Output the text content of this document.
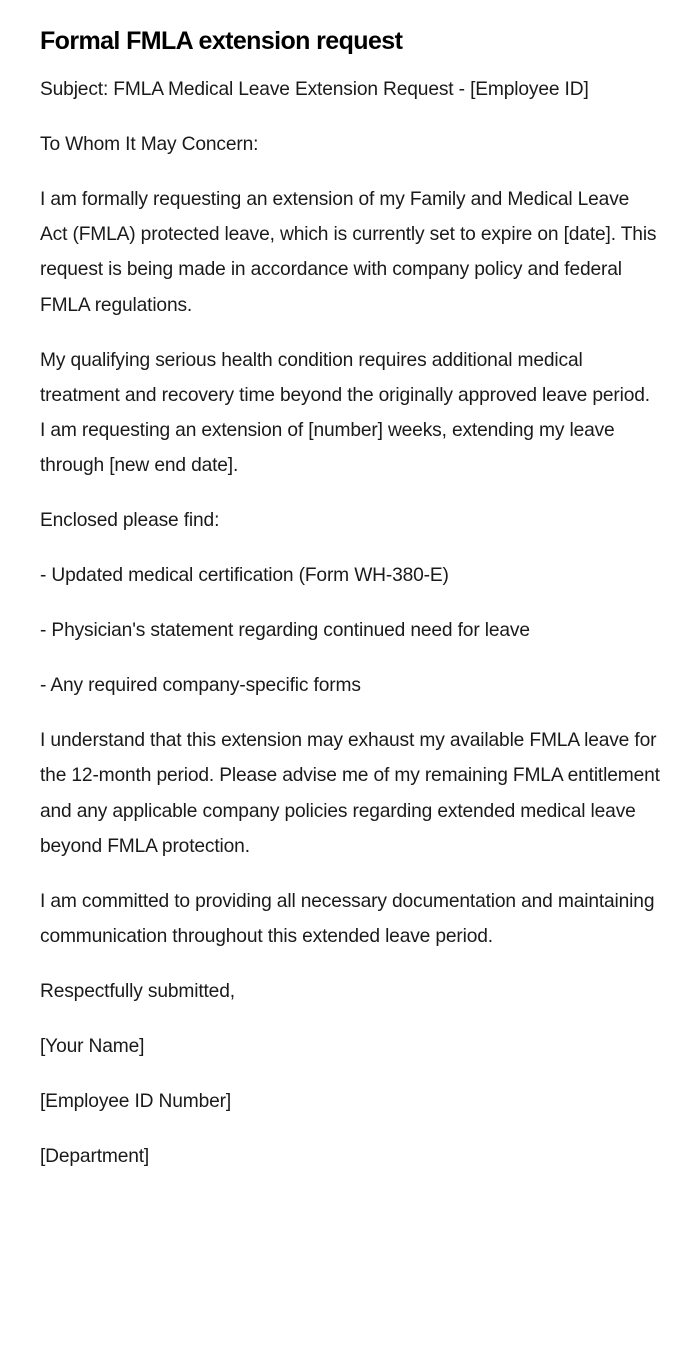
Formal FMLA extension request

Subject: FMLA Medical Leave Extension Request - [Employee ID]

To Whom It May Concern:

I am formally requesting an extension of my Family and Medical Leave Act (FMLA) protected leave, which is currently set to expire on [date]. This request is being made in accordance with company policy and federal FMLA regulations.

My qualifying serious health condition requires additional medical treatment and recovery time beyond the originally approved leave period. I am requesting an extension of [number] weeks, extending my leave through [new end date].

Enclosed please find:

- Updated medical certification (Form WH-380-E)

- Physician's statement regarding continued need for leave

- Any required company-specific forms

I understand that this extension may exhaust my available FMLA leave for the 12-month period. Please advise me of my remaining FMLA entitlement and any applicable company policies regarding extended medical leave beyond FMLA protection.

I am committed to providing all necessary documentation and maintaining communication throughout this extended leave period.

Respectfully submitted,

[Your Name]

[Employee ID Number]

[Department]
